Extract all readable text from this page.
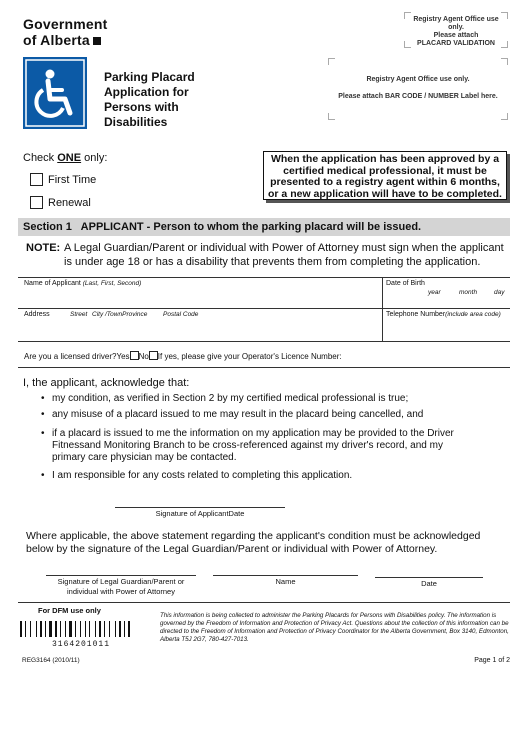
Government
of Alberta
Registry Agent Office use
only.
Please attach
PLACARD VALIDATION
Parking Placard
Application for
Persons with
Disabilities
Registry Agent Office use only.
Please attach BAR CODE / NUMBER Label here.
Check ONE only:
First Time
Renewal
When the application has been approved by a
certified medical professional, it must be
presented to a registry agent within 6 months,
or a new application will have to be completed.
Section 1   APPLICANT - Person to whom the parking placard will be issued.
NOTE: A Legal Guardian/Parent or individual with Power of Attorney must sign when the applicant is under age 18 or has a disability that prevents them from completing the application.
Name of Applicant (Last, First, Second)	Date of Birth
year	month	day
Address	Street City /TownProvince Postal Code	Telephone Number(include area code)
Are you a licensed driver?Yes No If yes, please give your Operator's Licence Number:
I, the applicant, acknowledge that:
• my condition, as verified in Section 2 by my certified medical professional is true;
• any misuse of a placard issued to me may result in the placard being cancelled, and
• if a placard is issued to me the information on my application may be provided to the Driver Fitnessand Monitoring Branch to be cross-referenced against my driver's record, and my primary care physician may be contacted.
• I am responsible for any costs related to completing this application.
Signature of ApplicantDate
Where applicable, the above statement regarding the applicant's condition must be acknowledged below by the signature of the Legal Guardian/Parent or individual with Power of Attorney.
Signature of Legal Guardian/Parent or
individual with Power of Attorney
Name	Date
For DFM use only
3164201011
This information is being collected to administer the Parking Placards for Persons with Disabilities policy. The information is governed by the Freedom of Information and Protection of Privacy Act. Questions about the collection of this information can be directed to the Freedom of Information and Protection of Privacy Coordinator for the Alberta Government, Box 3140, Edmonton, Alberta T5J 2G7, 780-427-7013.
REG3164 (2010/11)	Page 1 of 2
